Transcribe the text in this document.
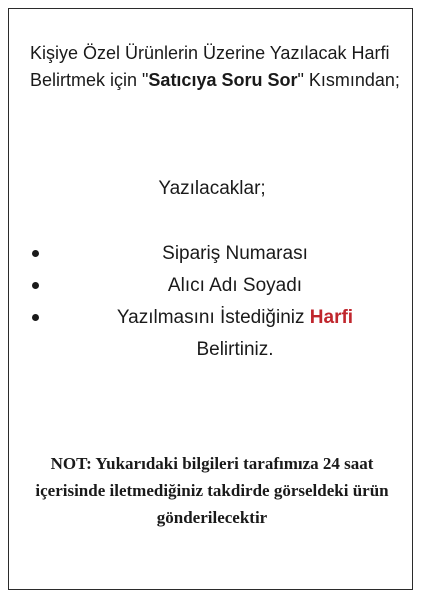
Kişiye Özel Ürünlerin Üzerine Yazılacak Harfi Belirtmek için "Satıcıya Soru Sor" Kısmından;
Yazılacaklar;
Sipariş Numarası
Alıcı Adı Soyadı
Yazılmasını İstediğiniz Harfi
Belirtiniz.
NOT: Yukarıdaki bilgileri tarafımıza 24 saat içerisinde iletmediğiniz takdirde görseldeki ürün gönderilecektir
